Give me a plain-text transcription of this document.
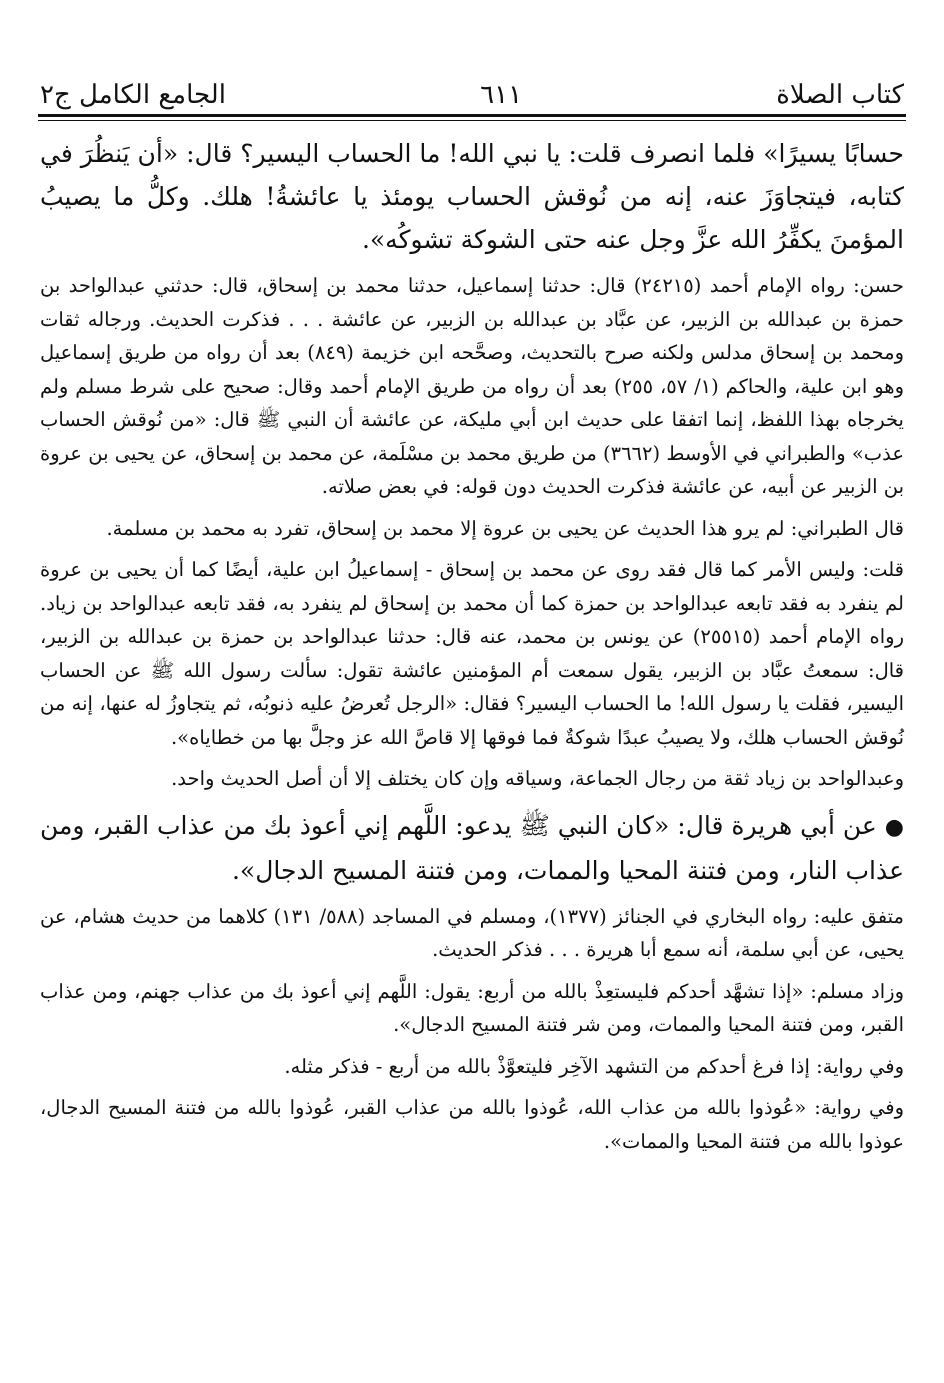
الجامع الكامل ج٢	٦١١	كتاب الصلاة

حسابًا يسيرًا» فلما انصرف قلت: يا نبي الله! ما الحساب اليسير؟ قال: «أن يَنظُرَ في كتابه، فيتجاوَزَ عنه، إنه من نُوقش الحساب يومئذ يا عائشةُ! هلك. وكلُّ ما يصيبُ المؤمنَ يكفِّرُ الله عزَّ وجل عنه حتى الشوكة تشوكُه».

حسن: رواه الإمام أحمد (٢٤٢١٥) قال: حدثنا إسماعيل، حدثنا محمد بن إسحاق، قال: حدثني عبدالواحد بن حمزة بن عبدالله بن الزبير، عن عبَّاد بن عبدالله بن الزبير، عن عائشة . . . فذكرت الحديث. ورجاله ثقات ومحمد بن إسحاق مدلس ولكنه صرح بالتحديث، وصحَّحه ابن خزيمة (٨٤٩) بعد أن رواه من طريق إسماعيل وهو ابن علية، والحاكم (١/ ٥٧، ٢٥٥) بعد أن رواه من طريق الإمام أحمد وقال: صحيح على شرط مسلم ولم يخرجاه بهذا اللفظ، إنما اتفقا على حديث ابن أبي مليكة، عن عائشة أن النبي ﷺ قال: «من نُوقش الحساب عذب» والطبراني في الأوسط (٣٦٦٢) من طريق محمد بن مسْلَمة، عن محمد بن إسحاق، عن يحيى بن عروة بن الزبير عن أبيه، عن عائشة فذكرت الحديث دون قوله: في بعض صلاته.

قال الطبراني: لم يرو هذا الحديث عن يحيى بن عروة إلا محمد بن إسحاق، تفرد به محمد بن مسلمة.

قلت: وليس الأمر كما قال فقد روى عن محمد بن إسحاق - إسماعيلُ ابن علية، أيضًا كما أن يحيى بن عروة لم ينفرد به فقد تابعه عبدالواحد بن حمزة كما أن محمد بن إسحاق لم ينفرد به، فقد تابعه عبدالواحد بن زياد. رواه الإمام أحمد (٢٥٥١٥) عن يونس بن محمد، عنه قال: حدثنا عبدالواحد بن حمزة بن عبدالله بن الزبير، قال: سمعتُ عبَّاد بن الزبير، يقول سمعت أم المؤمنين عائشة تقول: سألت رسول الله ﷺ عن الحساب اليسير، فقلت يا رسول الله! ما الحساب اليسير؟ فقال: «الرجل تُعرضُ عليه ذنوبُه، ثم يتجاوزُ له عنها، إنه من نُوقش الحساب هلك، ولا يصيبُ عبدًا شوكةٌ فما فوقها إلا قاصَّ الله عز وجلَّ بها من خطاياه».

وعبدالواحد بن زياد ثقة من رجال الجماعة، وسياقه وإن كان يختلف إلا أن أصل الحديث واحد.

●عن أبي هريرة قال: «كان النبي ﷺ يدعو: اللَّهم إني أعوذ بك من عذاب القبر، ومن عذاب النار، ومن فتنة المحيا والممات، ومن فتنة المسيح الدجال».

متفق عليه: رواه البخاري في الجنائز (١٣٧٧)، ومسلم في المساجد (٥٨٨/ ١٣١) كلاهما من حديث هشام، عن يحيى، عن أبي سلمة، أنه سمع أبا هريرة . . . فذكر الحديث.

وزاد مسلم: «إذا تشهَّد أحدكم فليستعِذْ بالله من أربع: يقول: اللَّهم إني أعوذ بك من عذاب جهنم، ومن عذاب القبر، ومن فتنة المحيا والممات، ومن شر فتنة المسيح الدجال».

وفي رواية: إذا فرغ أحدكم من التشهد الآخِر فليتعوَّذْ بالله من أربع - فذكر مثله.

وفي رواية: «عُوذوا بالله من عذاب الله، عُوذوا بالله من عذاب القبر، عُوذوا بالله من فتنة المسيح الدجال، عوذوا بالله من فتنة المحيا والممات».
